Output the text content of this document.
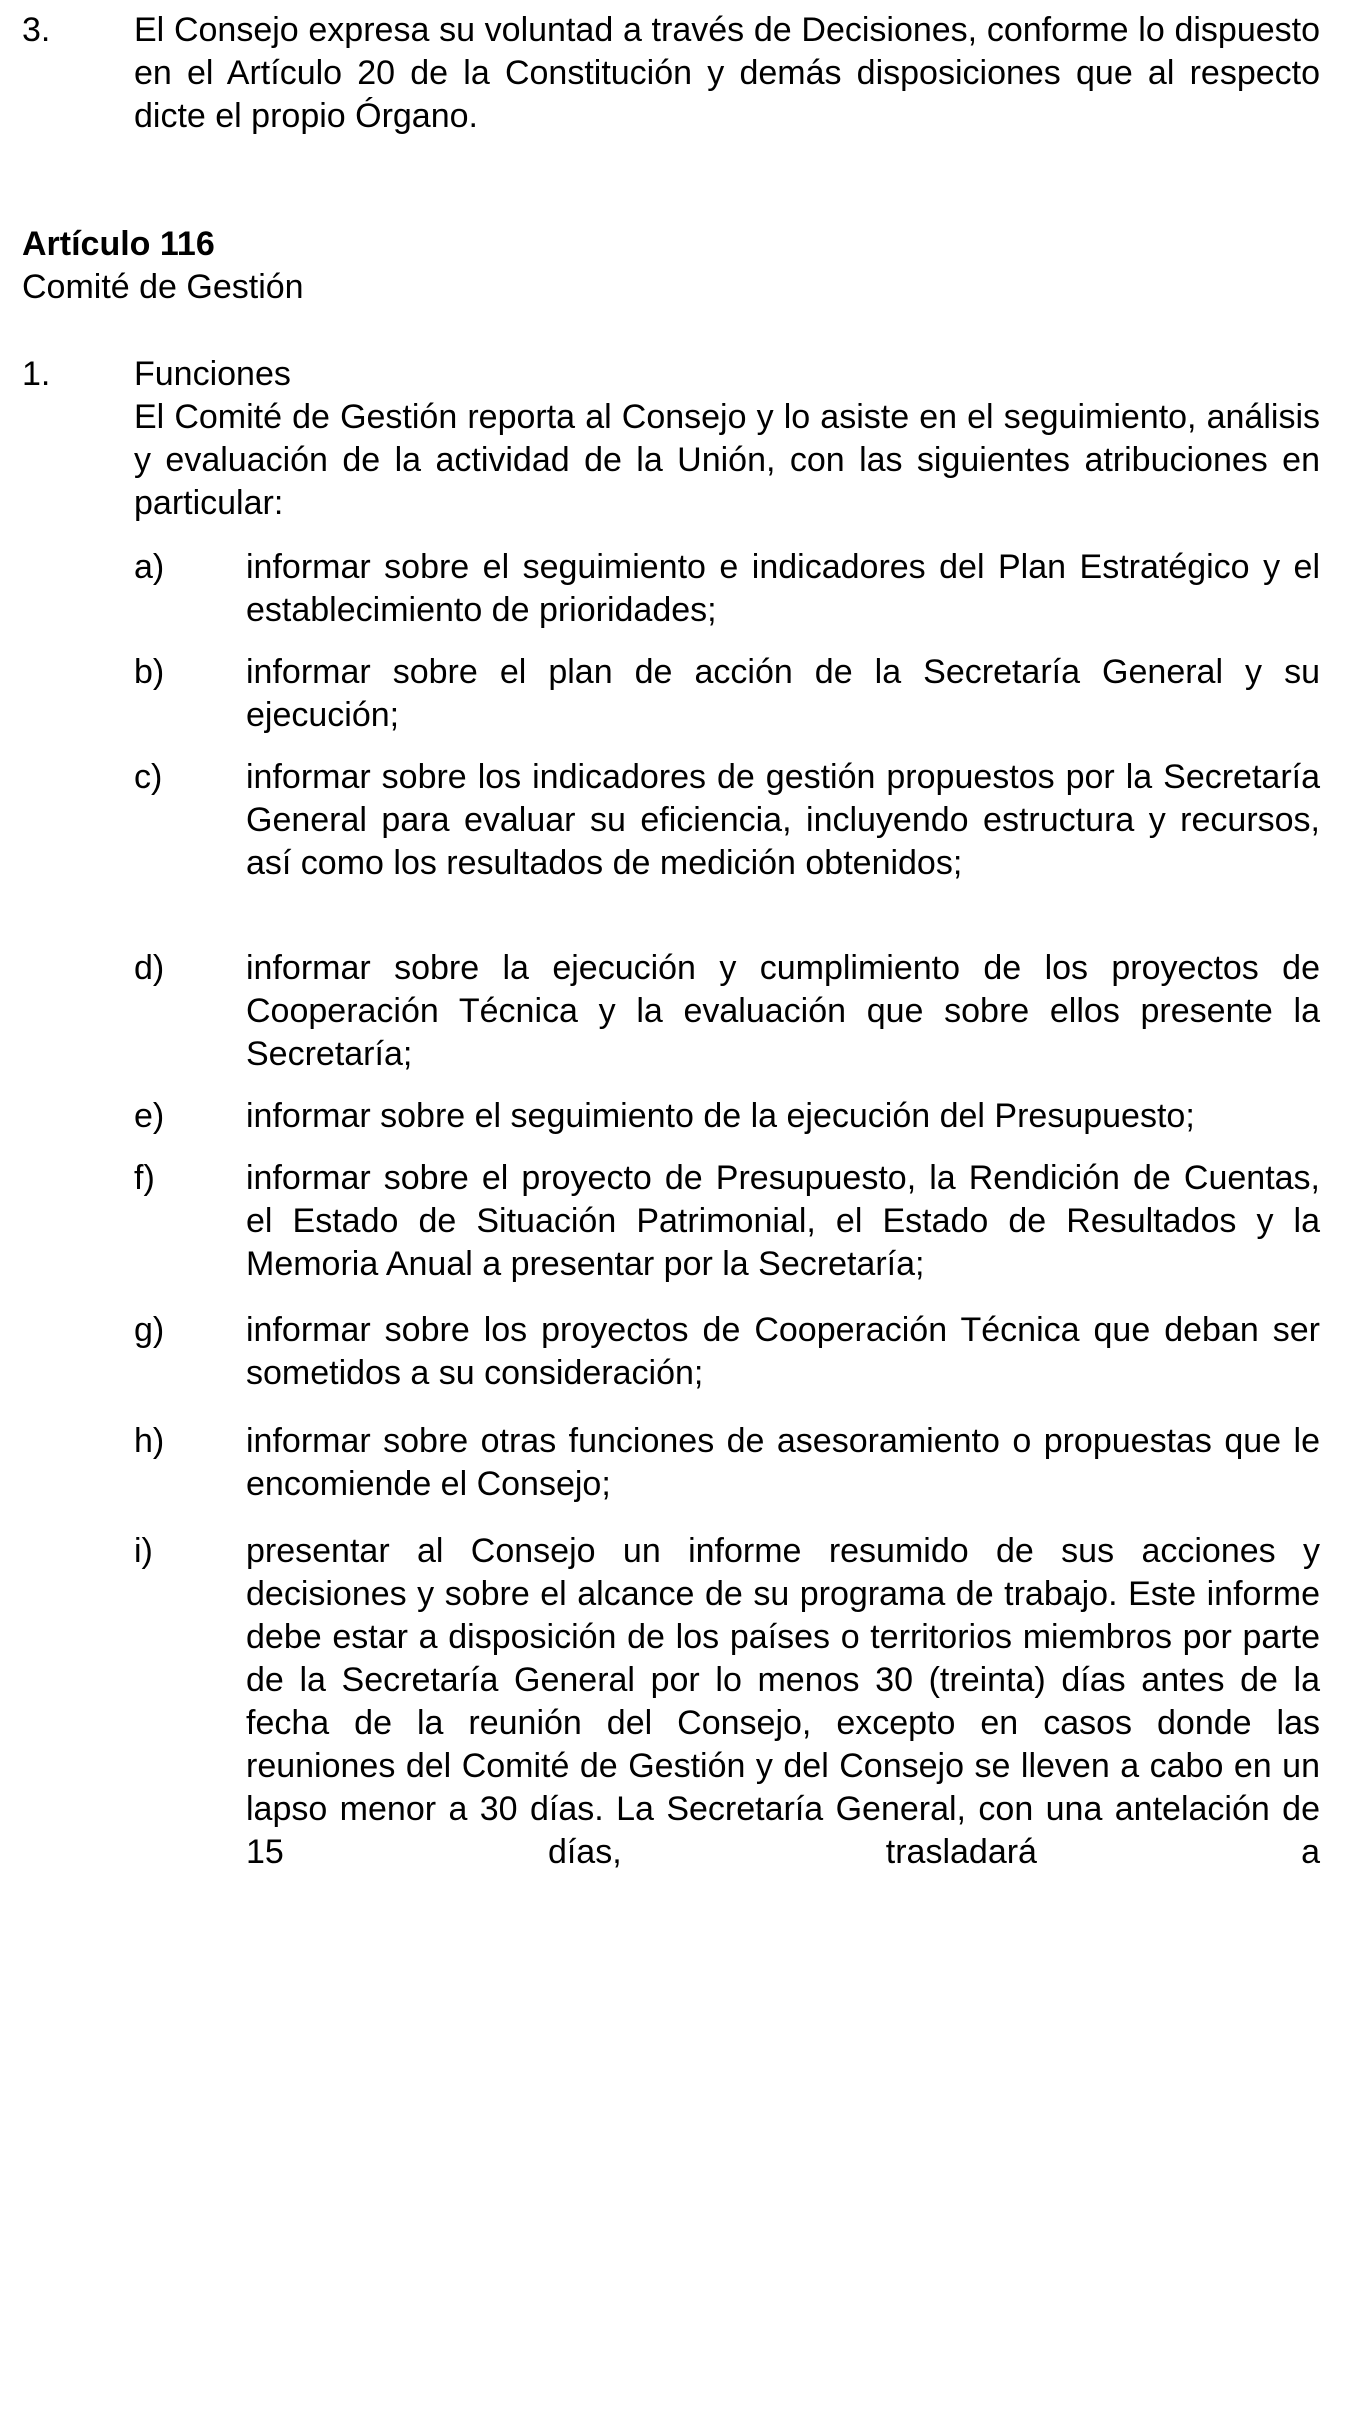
3. El Consejo expresa su voluntad a través de Decisiones, conforme lo dispuesto en el Artículo 20 de la Constitución y demás disposiciones que al respecto dicte el propio Órgano.
Artículo 116
Comité de Gestión
1. Funciones
El Comité de Gestión reporta al Consejo y lo asiste en el seguimiento, análisis y evaluación de la actividad de la Unión, con las siguientes atribuciones en particular:
a) informar sobre el seguimiento e indicadores del Plan Estratégico y el establecimiento de prioridades;
b) informar sobre el plan de acción de la Secretaría General y su ejecución;
c) informar sobre los indicadores de gestión propuestos por la Secretaría General para evaluar su eficiencia, incluyendo estructura y recursos, así como los resultados de medición obtenidos;
d) informar sobre la ejecución y cumplimiento de los proyectos de Cooperación Técnica y la evaluación que sobre ellos presente la Secretaría;
e) informar sobre el seguimiento de la ejecución del Presupuesto;
f)	informar sobre el proyecto de Presupuesto, la Rendición de Cuentas, el Estado de Situación Patrimonial, el Estado de Resultados y la Memoria Anual a presentar por la Secretaría;
g) informar sobre los proyectos de Cooperación Técnica que deban ser sometidos a su consideración;
h) informar sobre otras funciones de asesoramiento o propuestas que le encomiende el Consejo;
i)	presentar al Consejo un informe resumido de sus acciones y decisiones y sobre el alcance de su programa de trabajo. Este informe debe estar a disposición de los países o territorios miembros por parte de la Secretaría General por lo menos 30 (treinta) días antes de la fecha de la reunión del Consejo, excepto en casos donde las reuniones del Comité de Gestión y del Consejo se lleven a cabo en un lapso menor a 30 días. La Secretaría General, con una antelación de 15 días, trasladará a
